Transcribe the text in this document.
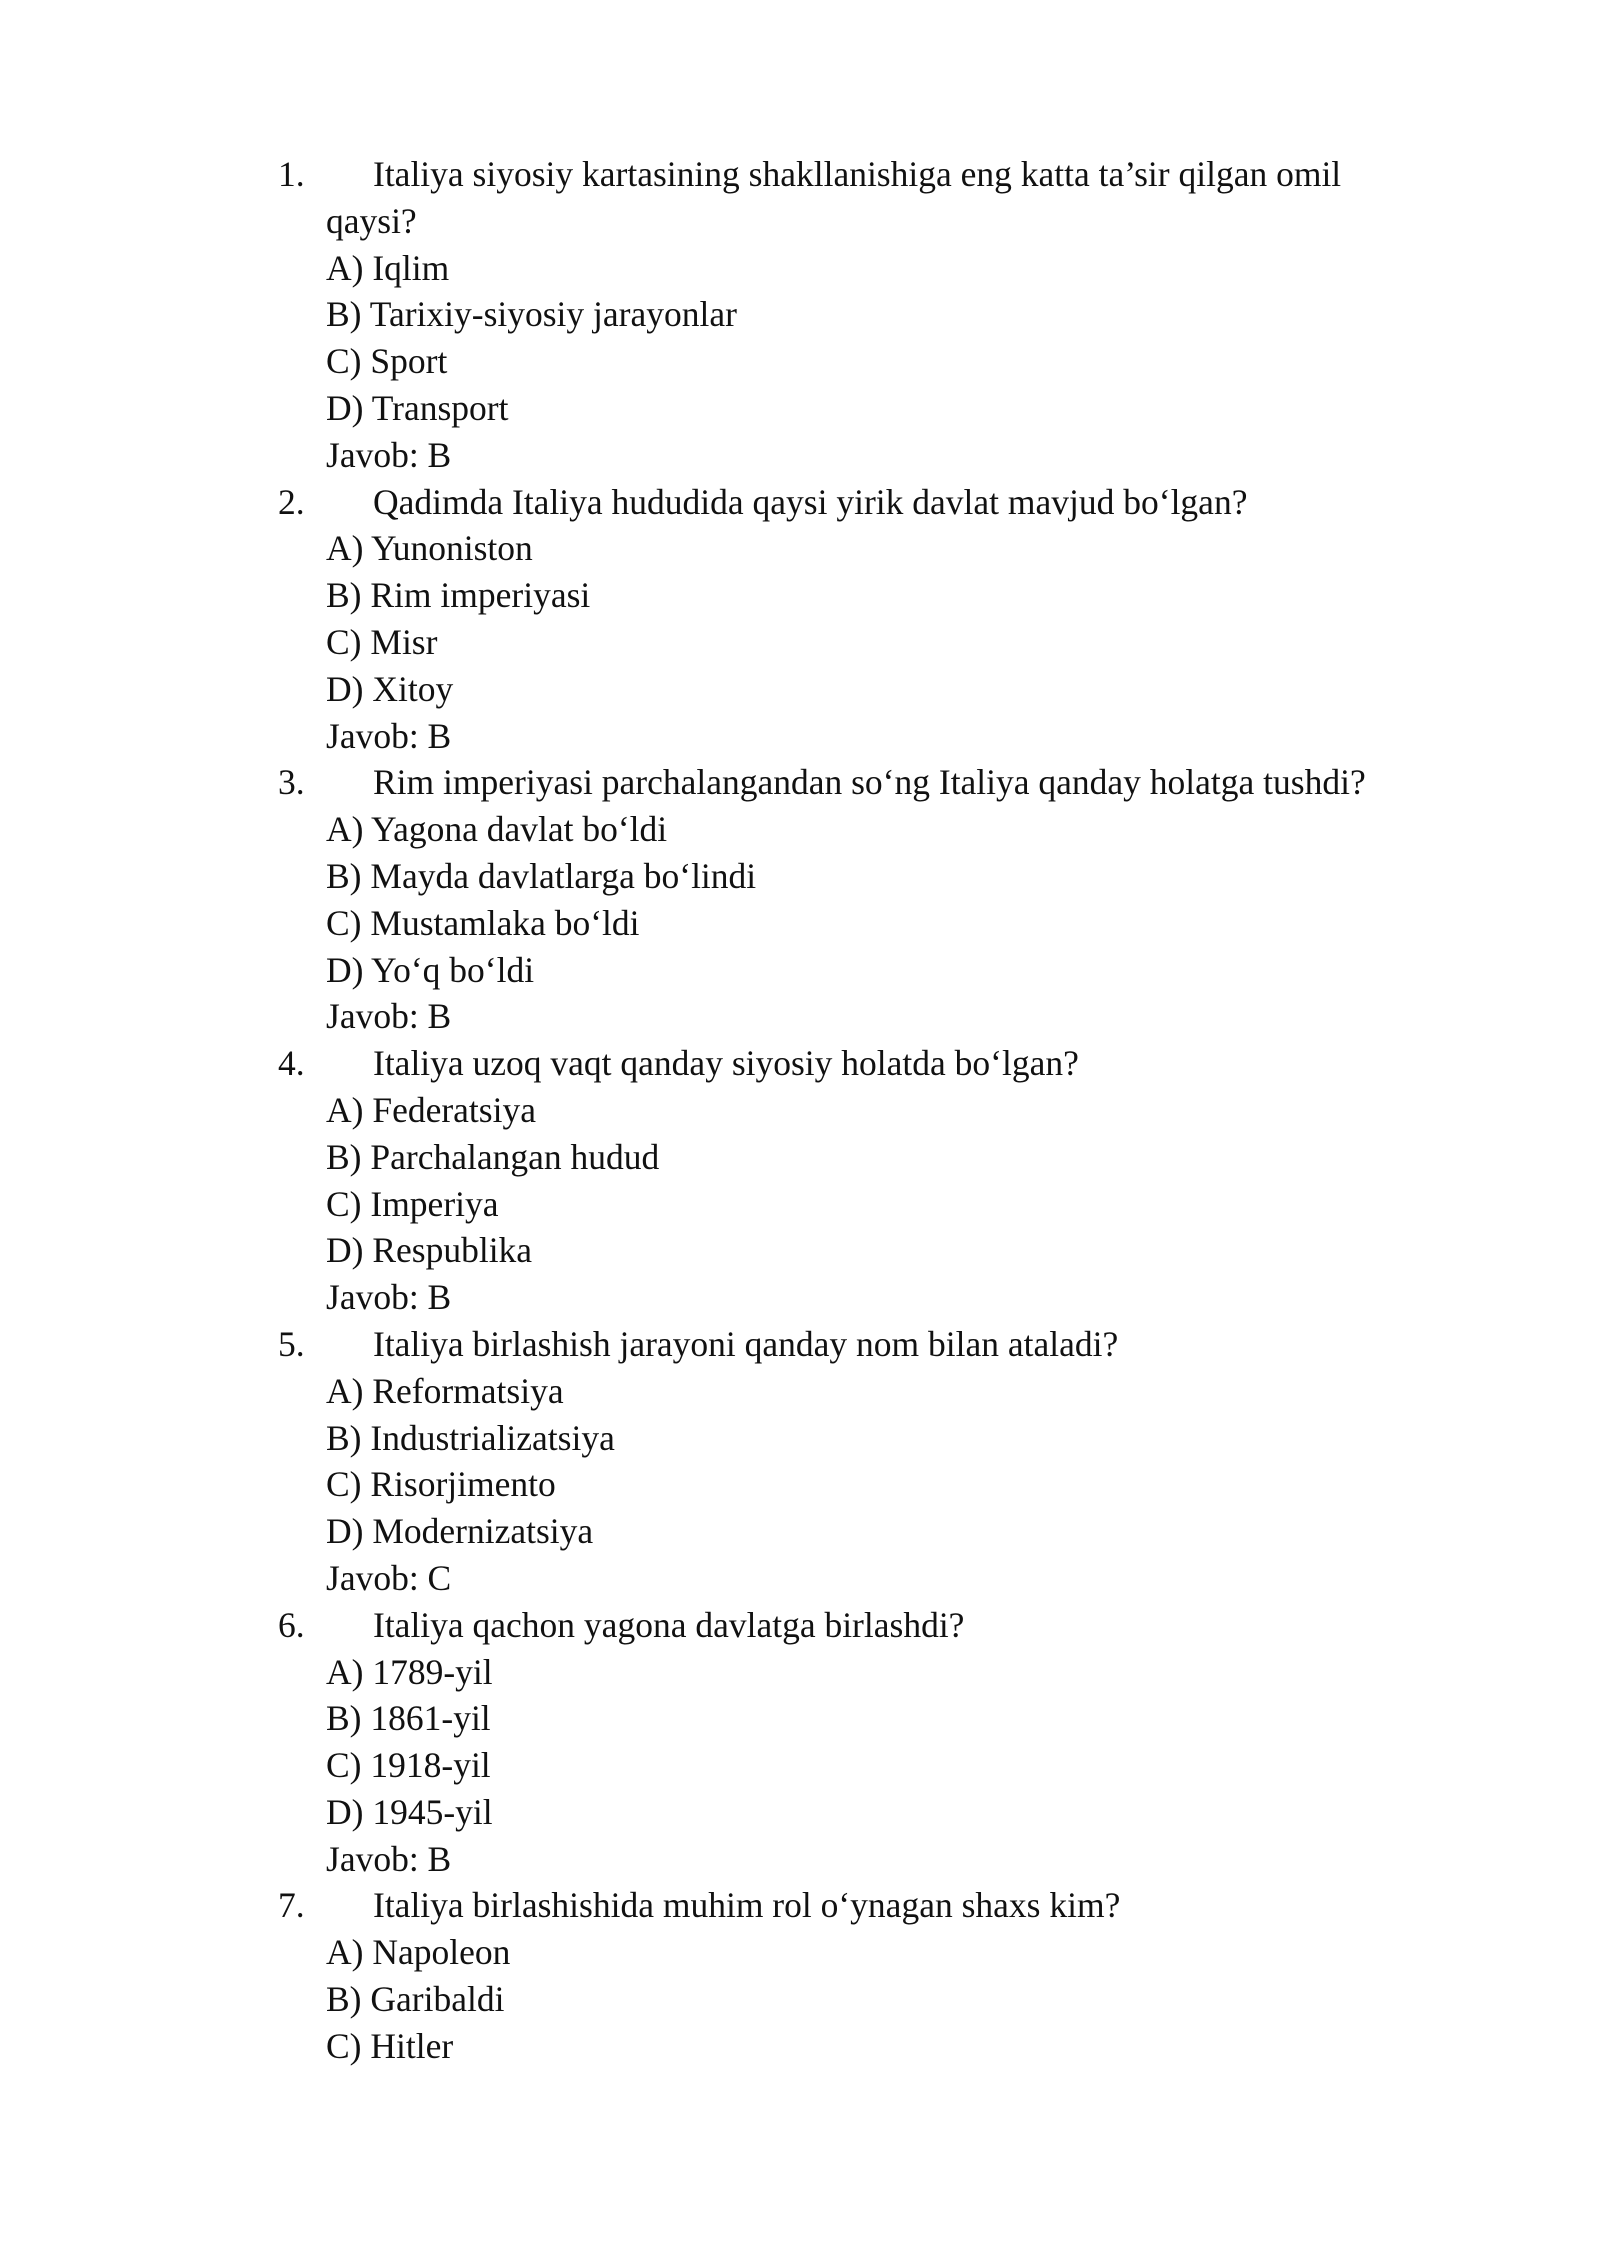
1.	Italiya siyosiy kartasining shakllanishiga eng katta ta’sir qilgan omil
qaysi?
A) Iqlim
B) Tarixiy-siyosiy jarayonlar
C) Sport
D) Transport
Javob: B
2.	Qadimda Italiya hududida qaysi yirik davlat mavjud bo‘lgan?
A) Yunoniston
B) Rim imperiyasi
C) Misr
D) Xitoy
Javob: B
3.	Rim imperiyasi parchalangandan so‘ng Italiya qanday holatga tushdi?
A) Yagona davlat bo‘ldi
B) Mayda davlatlarga bo‘lindi
C) Mustamlaka bo‘ldi
D) Yo‘q bo‘ldi
Javob: B
4.	Italiya uzoq vaqt qanday siyosiy holatda bo‘lgan?
A) Federatsiya
B) Parchalangan hudud
C) Imperiya
D) Respublika
Javob: B
5.	Italiya birlashish jarayoni qanday nom bilan ataladi?
A) Reformatsiya
B) Industrializatsiya
C) Risorjimento
D) Modernizatsiya
Javob: C
6.	Italiya qachon yagona davlatga birlashdi?
A) 1789-yil
B) 1861-yil
C) 1918-yil
D) 1945-yil
Javob: B
7.	Italiya birlashishida muhim rol o‘ynagan shaxs kim?
A) Napoleon
B) Garibaldi
C) Hitler
